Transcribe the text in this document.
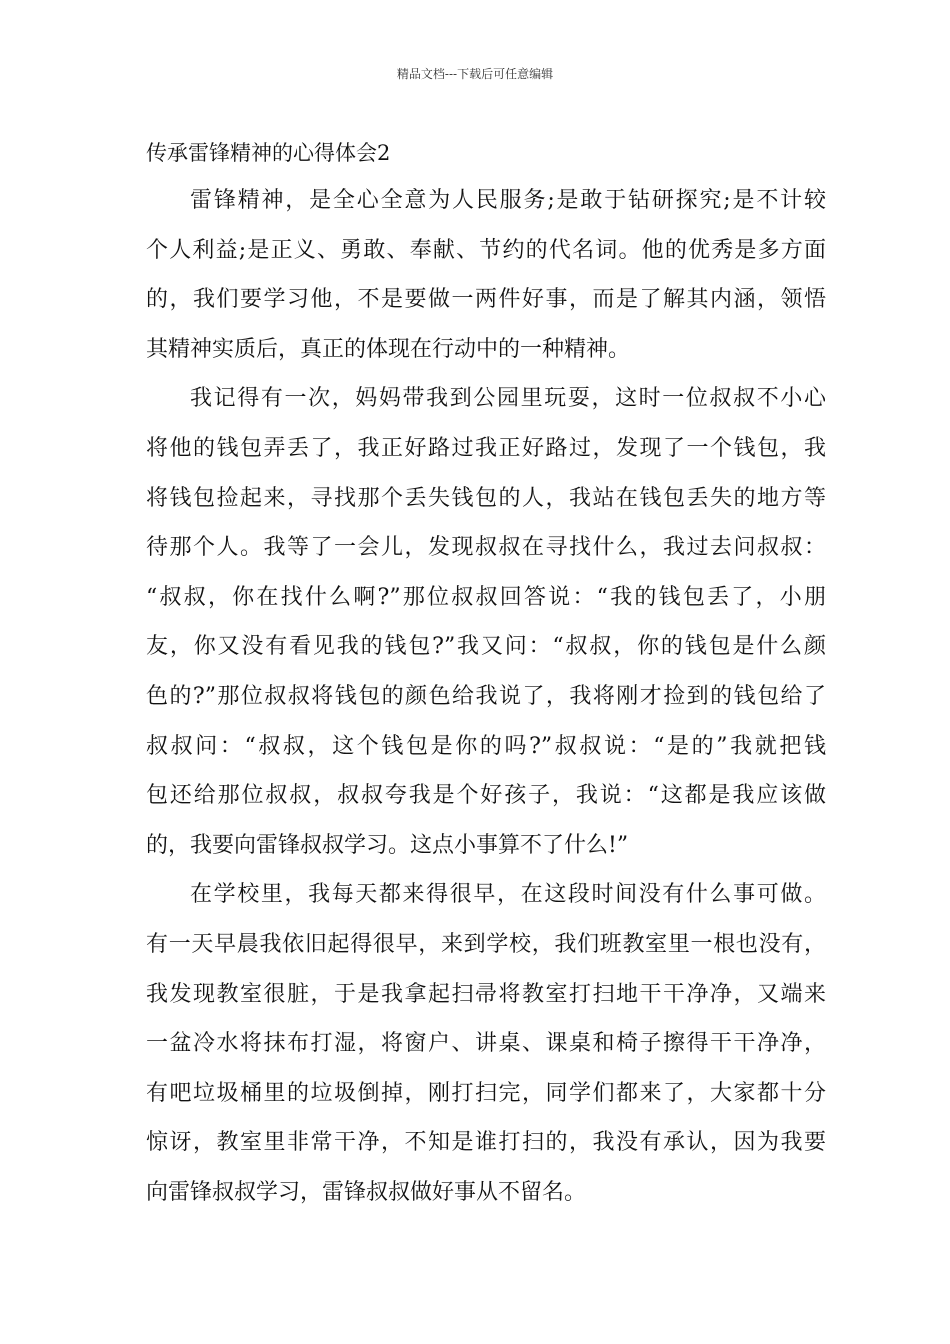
精品文档---下载后可任意编辑
传承雷锋精神的心得体会2
雷锋精神，是全心全意为人民服务;是敢于钻研探究;是不计较
个人利益;是正义、勇敢、奉献、节约的代名词。他的优秀是多方面
的，我们要学习他，不是要做一两件好事，而是了解其内涵，领悟
其精神实质后，真正的体现在行动中的一种精神。
我记得有一次，妈妈带我到公园里玩耍，这时一位叔叔不小心
将他的钱包弄丢了，我正好路过我正好路过，发现了一个钱包，我
将钱包捡起来，寻找那个丢失钱包的人，我站在钱包丢失的地方等
待那个人。我等了一会儿，发现叔叔在寻找什么，我过去问叔叔：
“叔叔，你在找什么啊?”那位叔叔回答说：“我的钱包丢了，小朋
友，你又没有看见我的钱包?”我又问：“叔叔，你的钱包是什么颜
色的?”那位叔叔将钱包的颜色给我说了，我将刚才捡到的钱包给了
叔叔问：“叔叔，这个钱包是你的吗?”叔叔说：“是的”我就把钱
包还给那位叔叔，叔叔夸我是个好孩子，我说：“这都是我应该做
的，我要向雷锋叔叔学习。这点小事算不了什么!”
在学校里，我每天都来得很早，在这段时间没有什么事可做。
有一天早晨我依旧起得很早，来到学校，我们班教室里一根也没有，
我发现教室很脏，于是我拿起扫帚将教室打扫地干干净净，又端来
一盆冷水将抹布打湿，将窗户、讲桌、课桌和椅子擦得干干净净，
有吧垃圾桶里的垃圾倒掉，刚打扫完，同学们都来了，大家都十分
惊讶，教室里非常干净，不知是谁打扫的，我没有承认，因为我要
向雷锋叔叔学习，雷锋叔叔做好事从不留名。
